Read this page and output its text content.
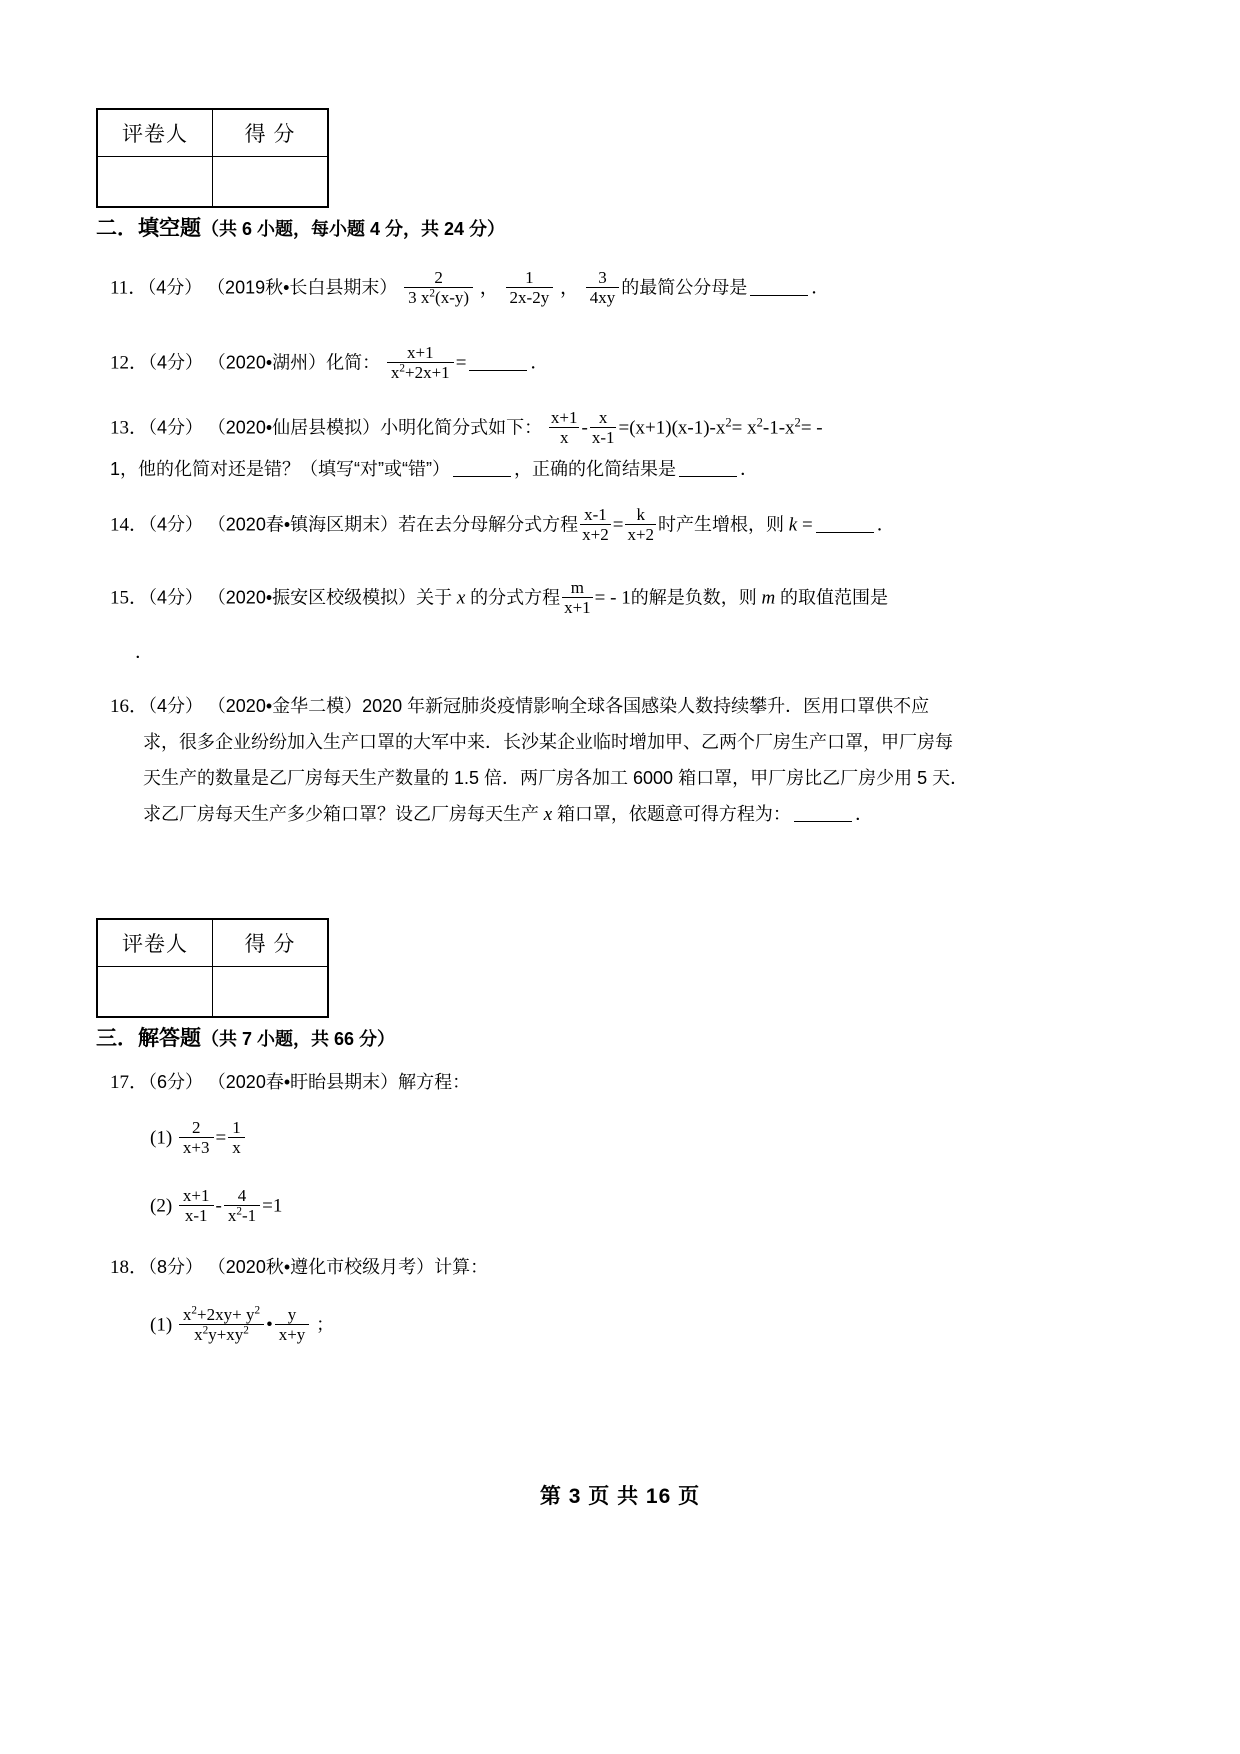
评卷人	得 分

二．填空题（共 6 小题，每小题 4 分，共 24 分）
11．（4分） （2019秋•长白县期末） $\frac{2}{3 x^2(x-y)}$ ， $\frac{1}{2x-2y}$ ， $\frac{3}{4xy}$ 的最简公分母是	．
12．（4分） （2020•湖州）化简： $\frac{x+1}{x^2+2x+1}$ =	．
13．（4分） （2020•仙居县模拟）小明化简分式如下： $\frac{x+1}{x} - \frac{x}{x-1} =(x+1)(x-1)-x^2= x^2-1-x^2=$ -
1，他的化简对还是错？（填写“对”或“错”）	，正确的化简结果是	．
14．（4分） （2020春•镇海区期末）若在去分母解分式方程 $\frac{x-1}{x+2} = \frac{k}{x+2}$ 时产生增根，则 k =	．
15．（4分） （2020•振安区校级模拟）关于 x 的分式方程 $\frac{m}{x+1}$ = - 1的解是负数，则 m 的取值范围是
．
16．（4分） （2020•金华二模）2020 年新冠肺炎疫情影响全球各国感染人数持续攀升．医用口罩供不应
求，很多企业纷纷加入生产口罩的大军中来．长沙某企业临时增加甲、乙两个厂房生产口罩，甲厂房每
天生产的数量是乙厂房每天生产数量的 1.5 倍．两厂房各加工 6000 箱口罩，甲厂房比乙厂房少用 5 天．
求乙厂房每天生产多少箱口罩？设乙厂房每天生产 x 箱口罩，依题意可得方程为：	．
评卷人	得 分

三．解答题（共 7 小题，共 66 分）
17．（6分） （2020春•盱眙县期末）解方程：
$(1) \frac{2}{x+3} = \frac{1}{x}$
$(2) \frac{x+1}{x-1} - \frac{4}{x^2-1} =1$
18．（8分） （2020秋•遵化市校级月考）计算：
$(1) \frac{x^2+2xy+ y^2}{x^2y+xy^2}$ • $\frac{y}{x+y}$ ；
第 3 页 共 16 页
